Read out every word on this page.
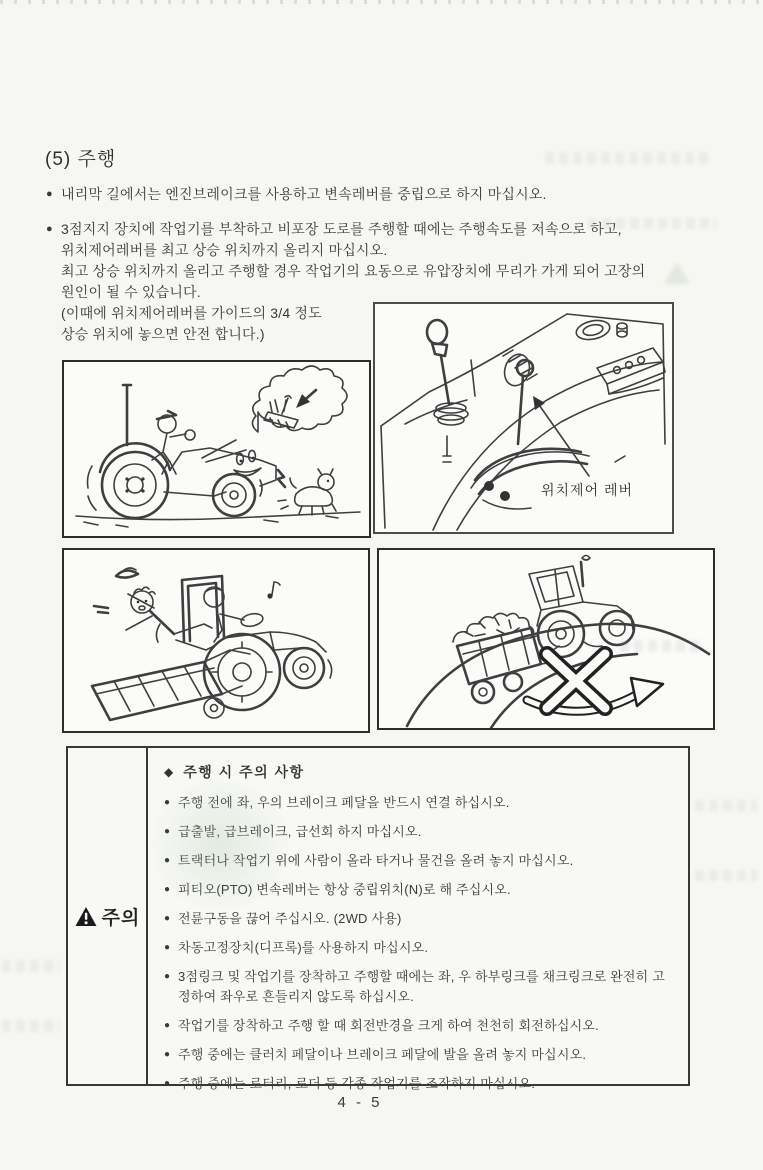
(5) 주행
● 내리막 길에서는 엔진브레이크를 사용하고 변속레버를 중립으로 하지 마십시오.
● 3점지지 장치에 작업기를 부착하고 비포장 도로를 주행할 때에는 주행속도를 저속으로 하고,
위치제어레버를 최고 상승 위치까지 올리지 마십시오.
최고 상승 위치까지 올리고 주행할 경우 작업기의 요동으로 유압장치에 무리가 가게 되어 고장의
원인이 될 수 있습니다.
(이때에 위치제어레버를 가이드의 3/4 정도
상승 위치에 놓으면 안전 합니다.)
위치제어 레버
주의
◆ 주행 시 주의 사항
● 주행 전에 좌, 우의 브레이크 페달을 반드시 연결 하십시오.
● 급출발, 급브레이크, 급선회 하지 마십시오.
● 트랙터나 작업기 위에 사람이 올라 타거나 물건을 올려 놓지 마십시오.
● 피티오(PTO) 변속레버는 항상 중립위치(N)로 해 주십시오.
● 전륜구동을 끊어 주십시오. (2WD 사용)
● 차동고정장치(디프록)를 사용하지 마십시오.
● 3점링크 및 작업기를 장착하고 주행할 때에는 좌, 우 하부링크를 채크링크로 완전히 고정하여 좌우로 흔들리지 않도록 하십시오.
● 작업기를 장착하고 주행 할 때 회전반경을 크게 하여 천천히 회전하십시오.
● 주행 중에는 클러치 페달이나 브레이크 페달에 발을 올려 놓지 마십시오.
● 주행 중에는 로터리, 로더 등 각종 작업기를 조작하지 마십시오.
4 - 5
